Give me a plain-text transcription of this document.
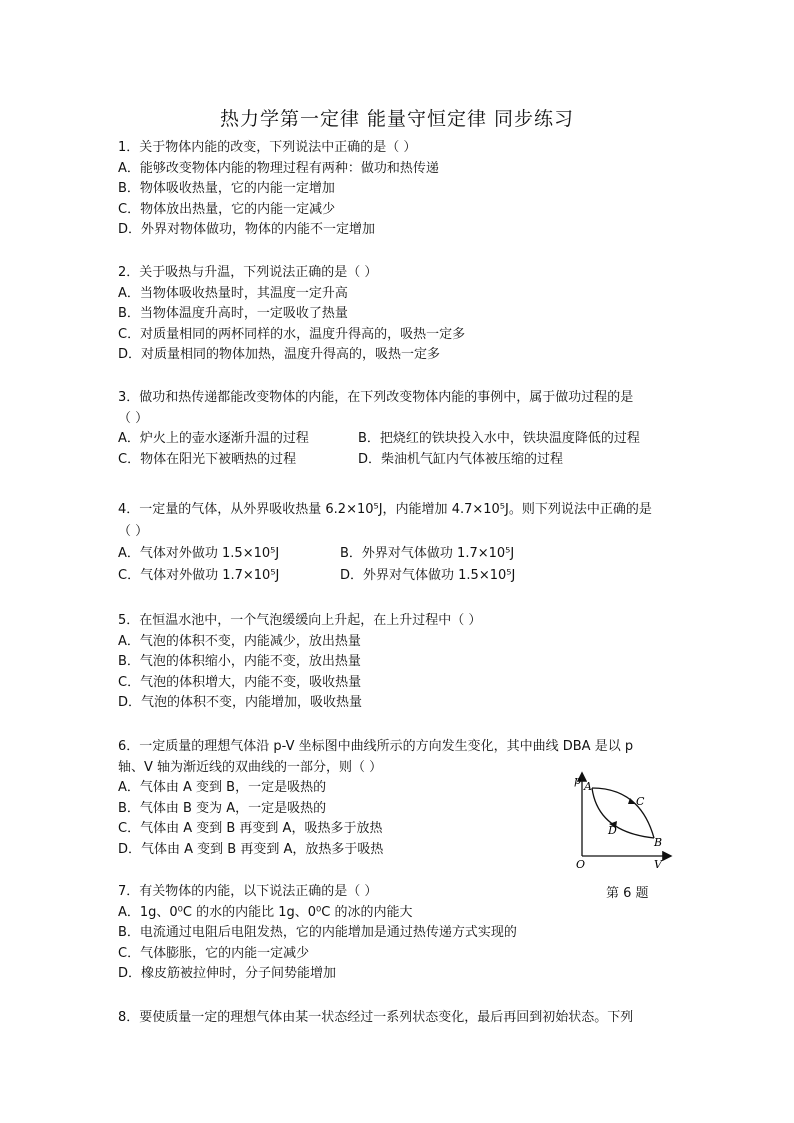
热力学第一定律 能量守恒定律 同步练习
1．关于物体内能的改变，下列说法中正确的是（ ）
A．能够改变物体内能的物理过程有两种：做功和热传递
B．物体吸收热量，它的内能一定增加
C．物体放出热量，它的内能一定减少
D．外界对物体做功，物体的内能不一定增加
2．关于吸热与升温，下列说法正确的是（ ）
A．当物体吸收热量时，其温度一定升高
B．当物体温度升高时，一定吸收了热量
C．对质量相同的两杯同样的水，温度升得高的，吸热一定多
D．对质量相同的物体加热，温度升得高的，吸热一定多
3．做功和热传递都能改变物体的内能，在下列改变物体内能的事例中，属于做功过程的是
（ ）
A．炉火上的壶水逐渐升温的过程	B．把烧红的铁块投入水中，铁块温度降低的过程
C．物体在阳光下被晒热的过程	D．柴油机气缸内气体被压缩的过程
4．一定量的气体，从外界吸收热量 6.2×10⁵J，内能增加 4.7×10⁵J。则下列说法中正确的是
（ ）
A．气体对外做功 1.5×10⁵J	B．外界对气体做功 1.7×10⁵J
C．气体对外做功 1.7×10⁵J	D．外界对气体做功 1.5×10⁵J
5．在恒温水池中，一个气泡缓缓向上升起，在上升过程中（ ）
A．气泡的体积不变，内能减少，放出热量
B．气泡的体积缩小，内能不变，放出热量
C．气泡的体积增大，内能不变，吸收热量
D．气泡的体积不变，内能增加，吸收热量
6．一定质量的理想气体沿 p-V 坐标图中曲线所示的方向发生变化，其中曲线 DBA 是以 p
轴、V 轴为渐近线的双曲线的一部分，则（ ）
A．气体由 A 变到 B，一定是吸热的
B．气体由 B 变为 A，一定是吸热的
C．气体由 A 变到 B 再变到 A，吸热多于放热
D．气体由 A 变到 B 再变到 A，放热多于吸热
p
V
O
A
B
C
D
第 6 题
7．有关物体的内能，以下说法正确的是（ ）
A．1g、0⁰C 的水的内能比 1g、0⁰C 的冰的内能大
B．电流通过电阻后电阻发热，它的内能增加是通过热传递方式实现的
C．气体膨胀，它的内能一定减少
D．橡皮筋被拉伸时，分子间势能增加
8．要使质量一定的理想气体由某一状态经过一系列状态变化，最后再回到初始状态。下列
